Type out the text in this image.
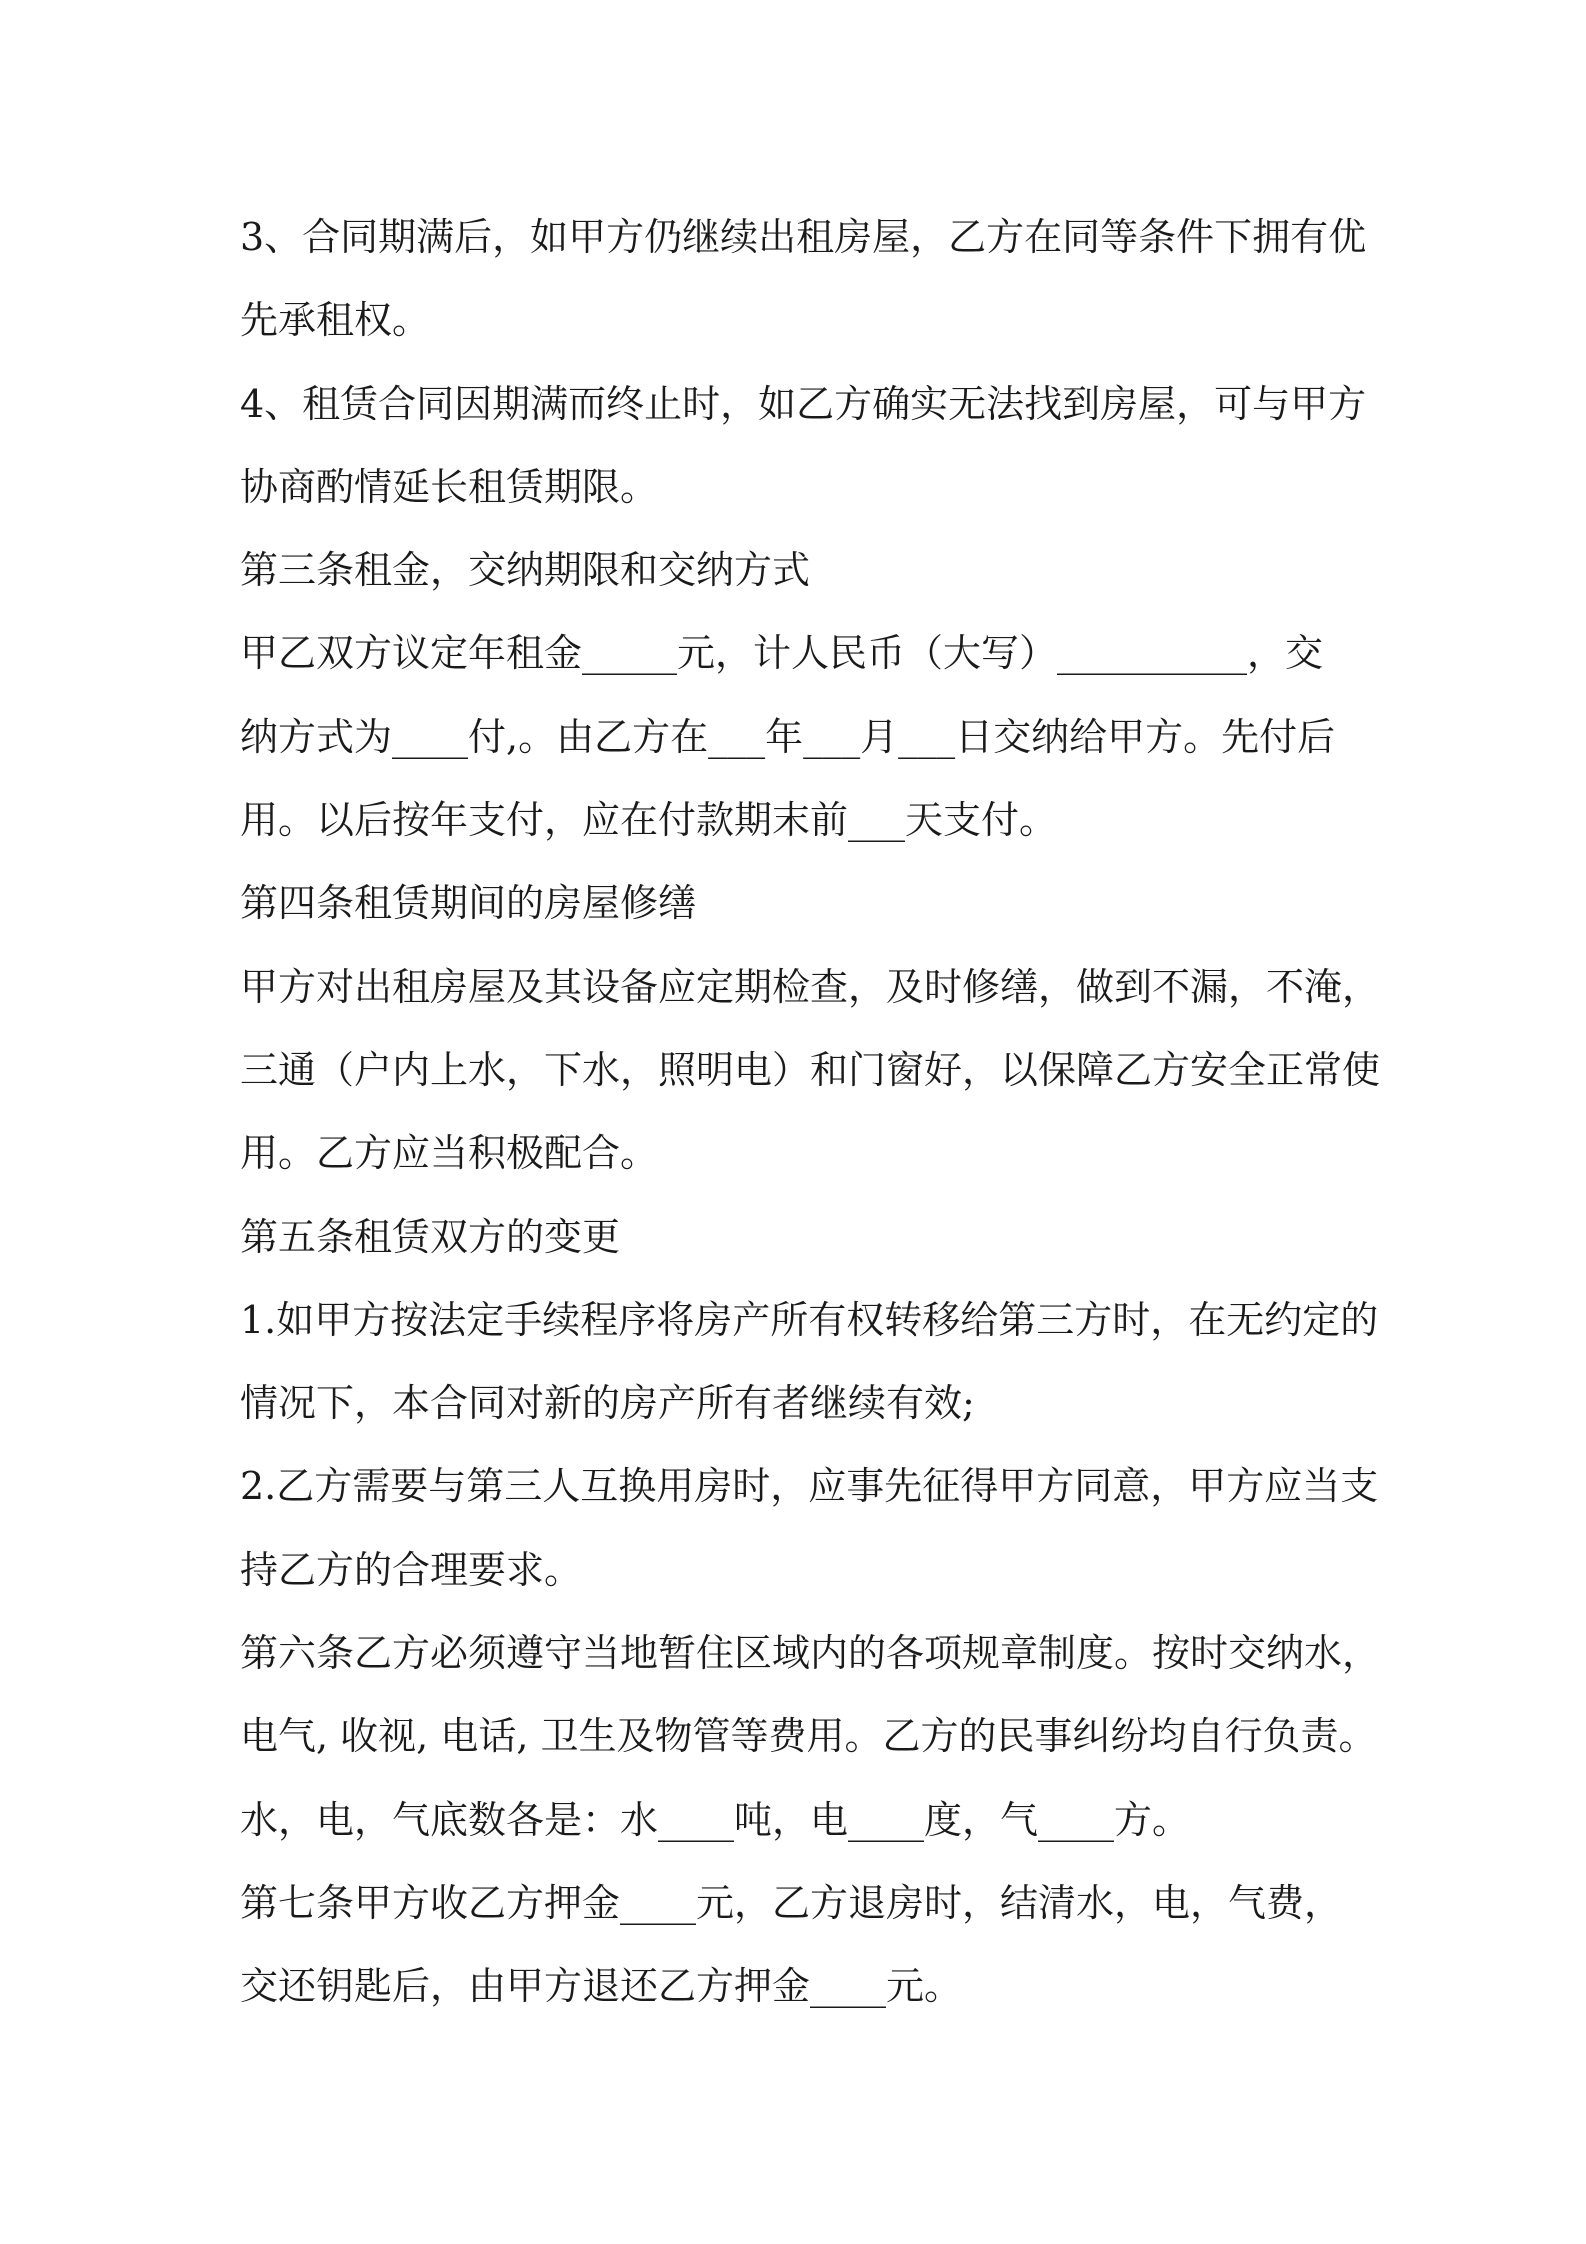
3、合同期满后，如甲方仍继续出租房屋，乙方在同等条件下拥有优
先承租权。
4、租赁合同因期满而终止时，如乙方确实无法找到房屋，可与甲方
协商酌情延长租赁期限。
第三条租金，交纳期限和交纳方式
甲乙双方议定年租金_____元，计人民币（大写）__________，交
纳方式为____付,。由乙方在___年___月___日交纳给甲方。先付后
用。以后按年支付，应在付款期末前___天支付。
第四条租赁期间的房屋修缮
甲方对出租房屋及其设备应定期检查，及时修缮，做到不漏，不淹，
三通（户内上水，下水，照明电）和门窗好，以保障乙方安全正常使
用。乙方应当积极配合。
第五条租赁双方的变更
1.如甲方按法定手续程序将房产所有权转移给第三方时，在无约定的
情况下，本合同对新的房产所有者继续有效;
2.乙方需要与第三人互换用房时，应事先征得甲方同意，甲方应当支
持乙方的合理要求。
第六条乙方必须遵守当地暂住区域内的各项规章制度。按时交纳水，
电气, 收视, 电话, 卫生及物管等费用。乙方的民事纠纷均自行负责。
水，电，气底数各是：水____吨，电____度，气____方。
第七条甲方收乙方押金____元，乙方退房时，结清水，电，气费，
交还钥匙后，由甲方退还乙方押金____元。
